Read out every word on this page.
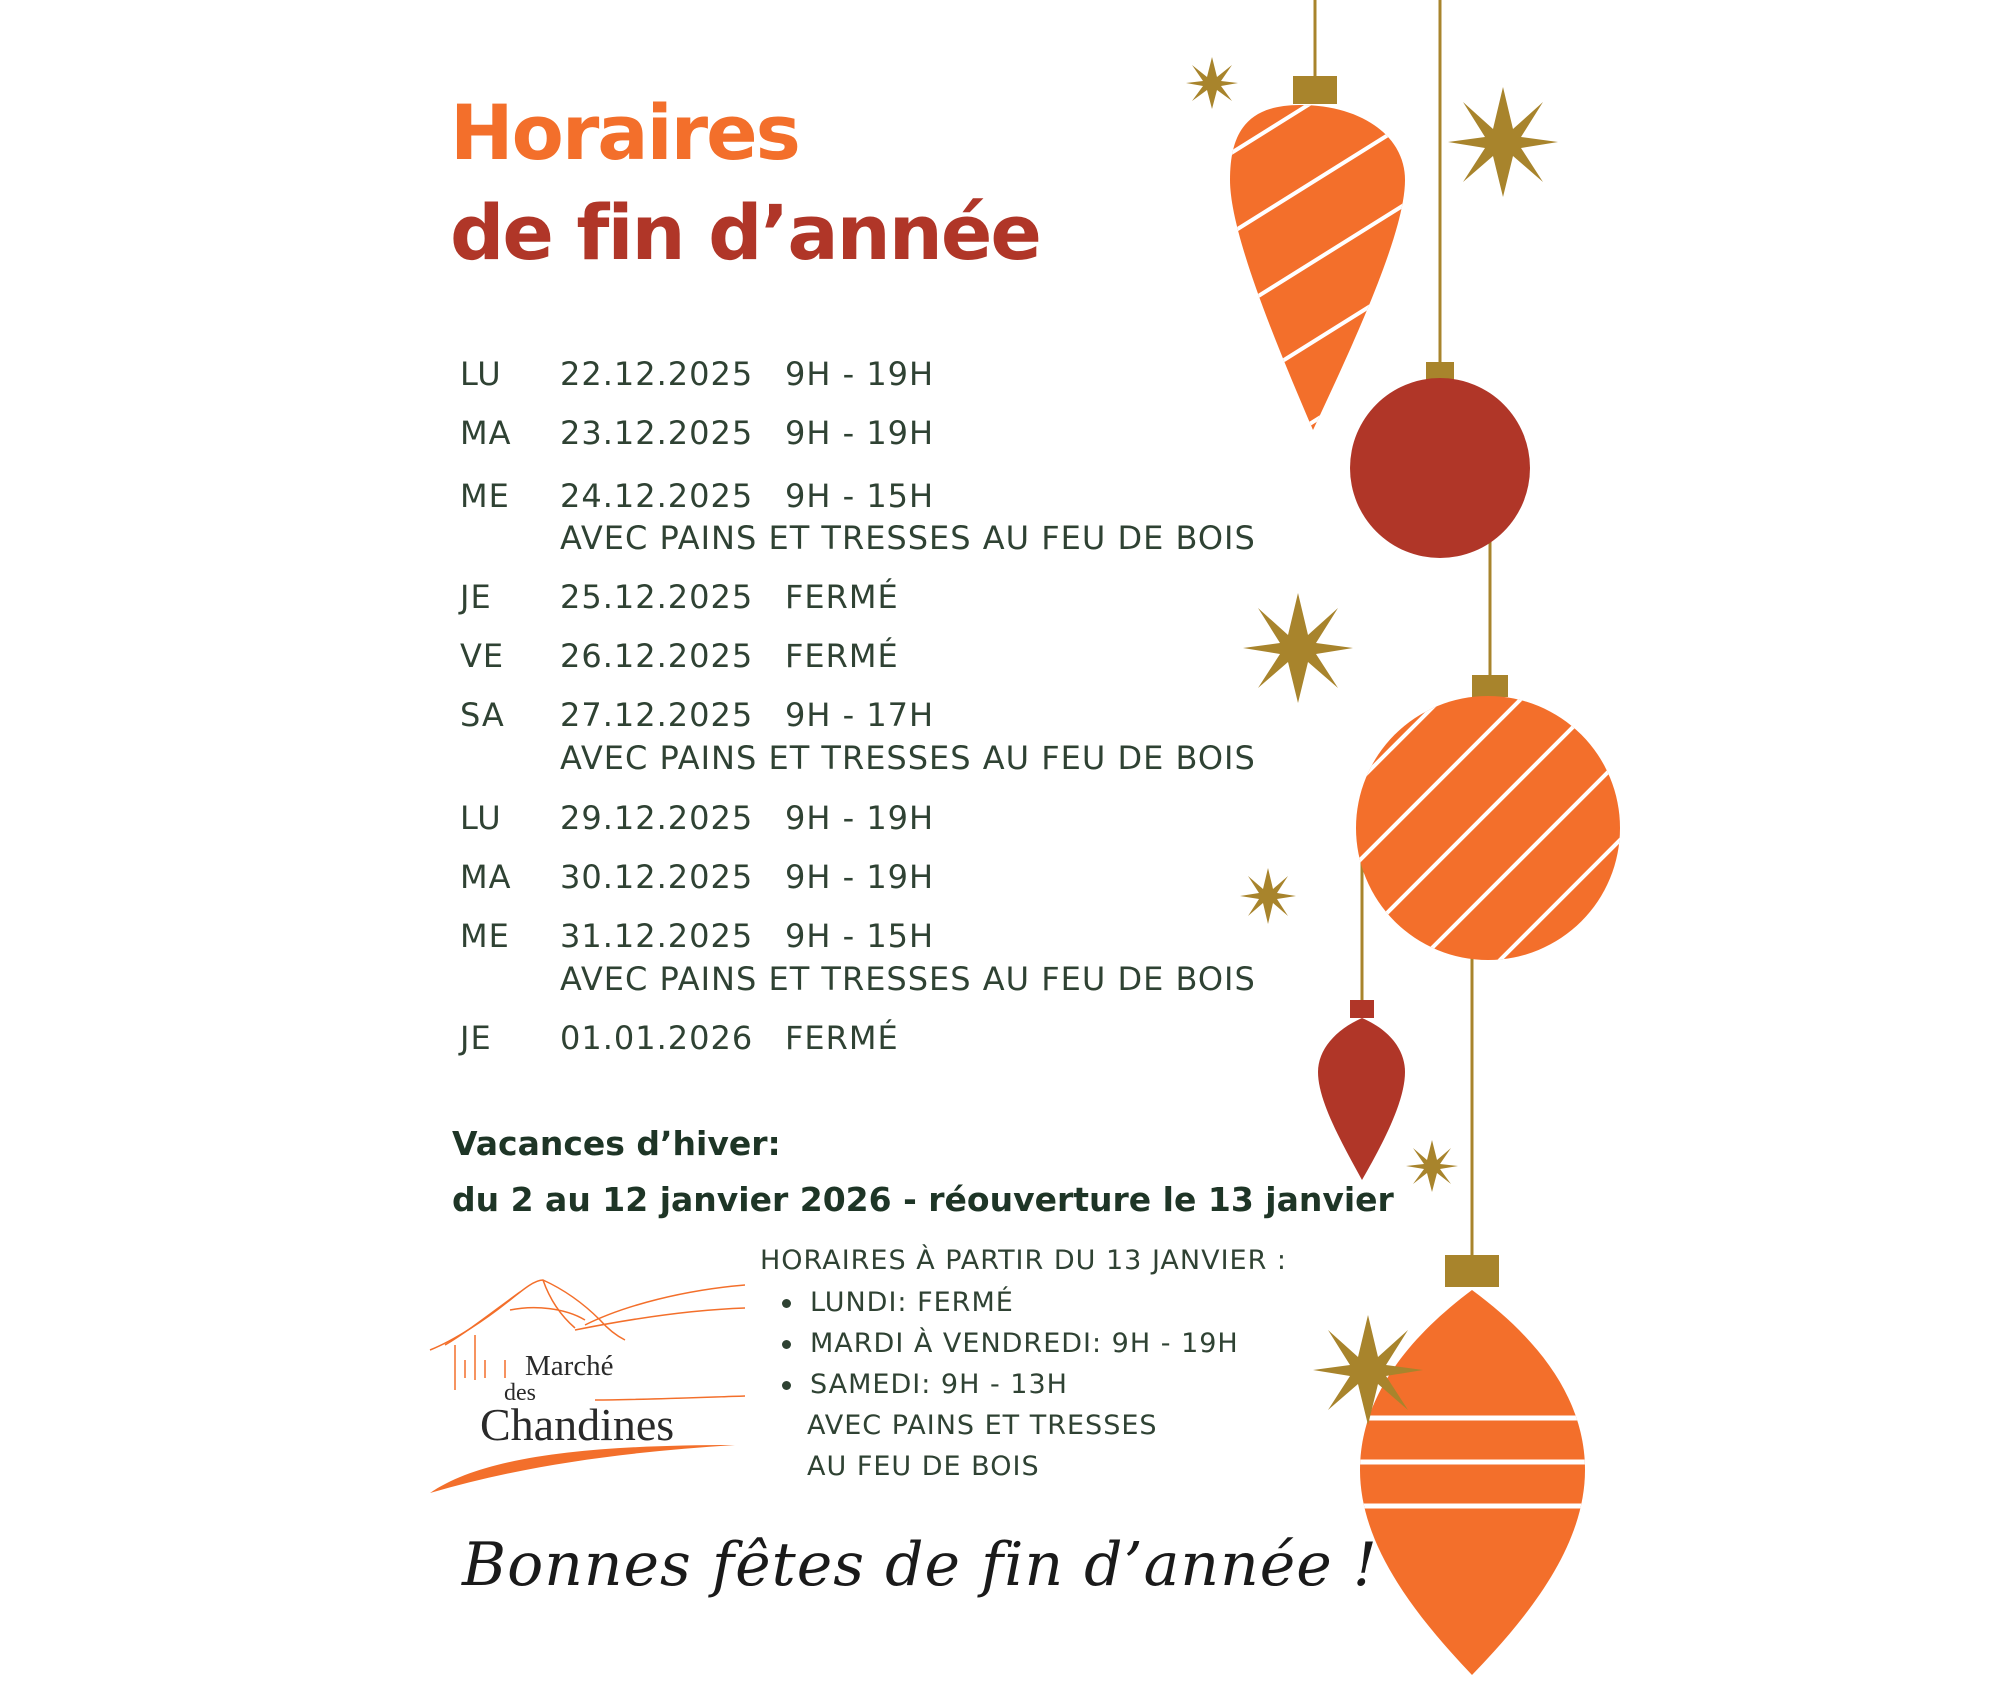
Horaires
de fin d’année
LU 22.12.2025 9H - 19H
MA 23.12.2025 9H - 19H
ME 24.12.2025 9H - 15H
AVEC PAINS ET TRESSES AU FEU DE BOIS
JE 25.12.2025 FERMÉ
VE 26.12.2025 FERMÉ
SA 27.12.2025 9H - 17H
AVEC PAINS ET TRESSES AU FEU DE BOIS
LU 29.12.2025 9H - 19H
MA 30.12.2025 9H - 19H
ME 31.12.2025 9H - 15H
AVEC PAINS ET TRESSES AU FEU DE BOIS
JE 01.01.2026 FERMÉ
Vacances d’hiver:
du 2 au 12 janvier 2026 - réouverture le 13 janvier
Marché
des
Chandines
HORAIRES À PARTIR DU 13 JANVIER :
LUNDI: FERMÉ
MARDI À VENDREDI: 9H - 19H
SAMEDI: 9H - 13H
AVEC PAINS ET TRESSES
AU FEU DE BOIS
Bonnes fêtes de fin d’année !
